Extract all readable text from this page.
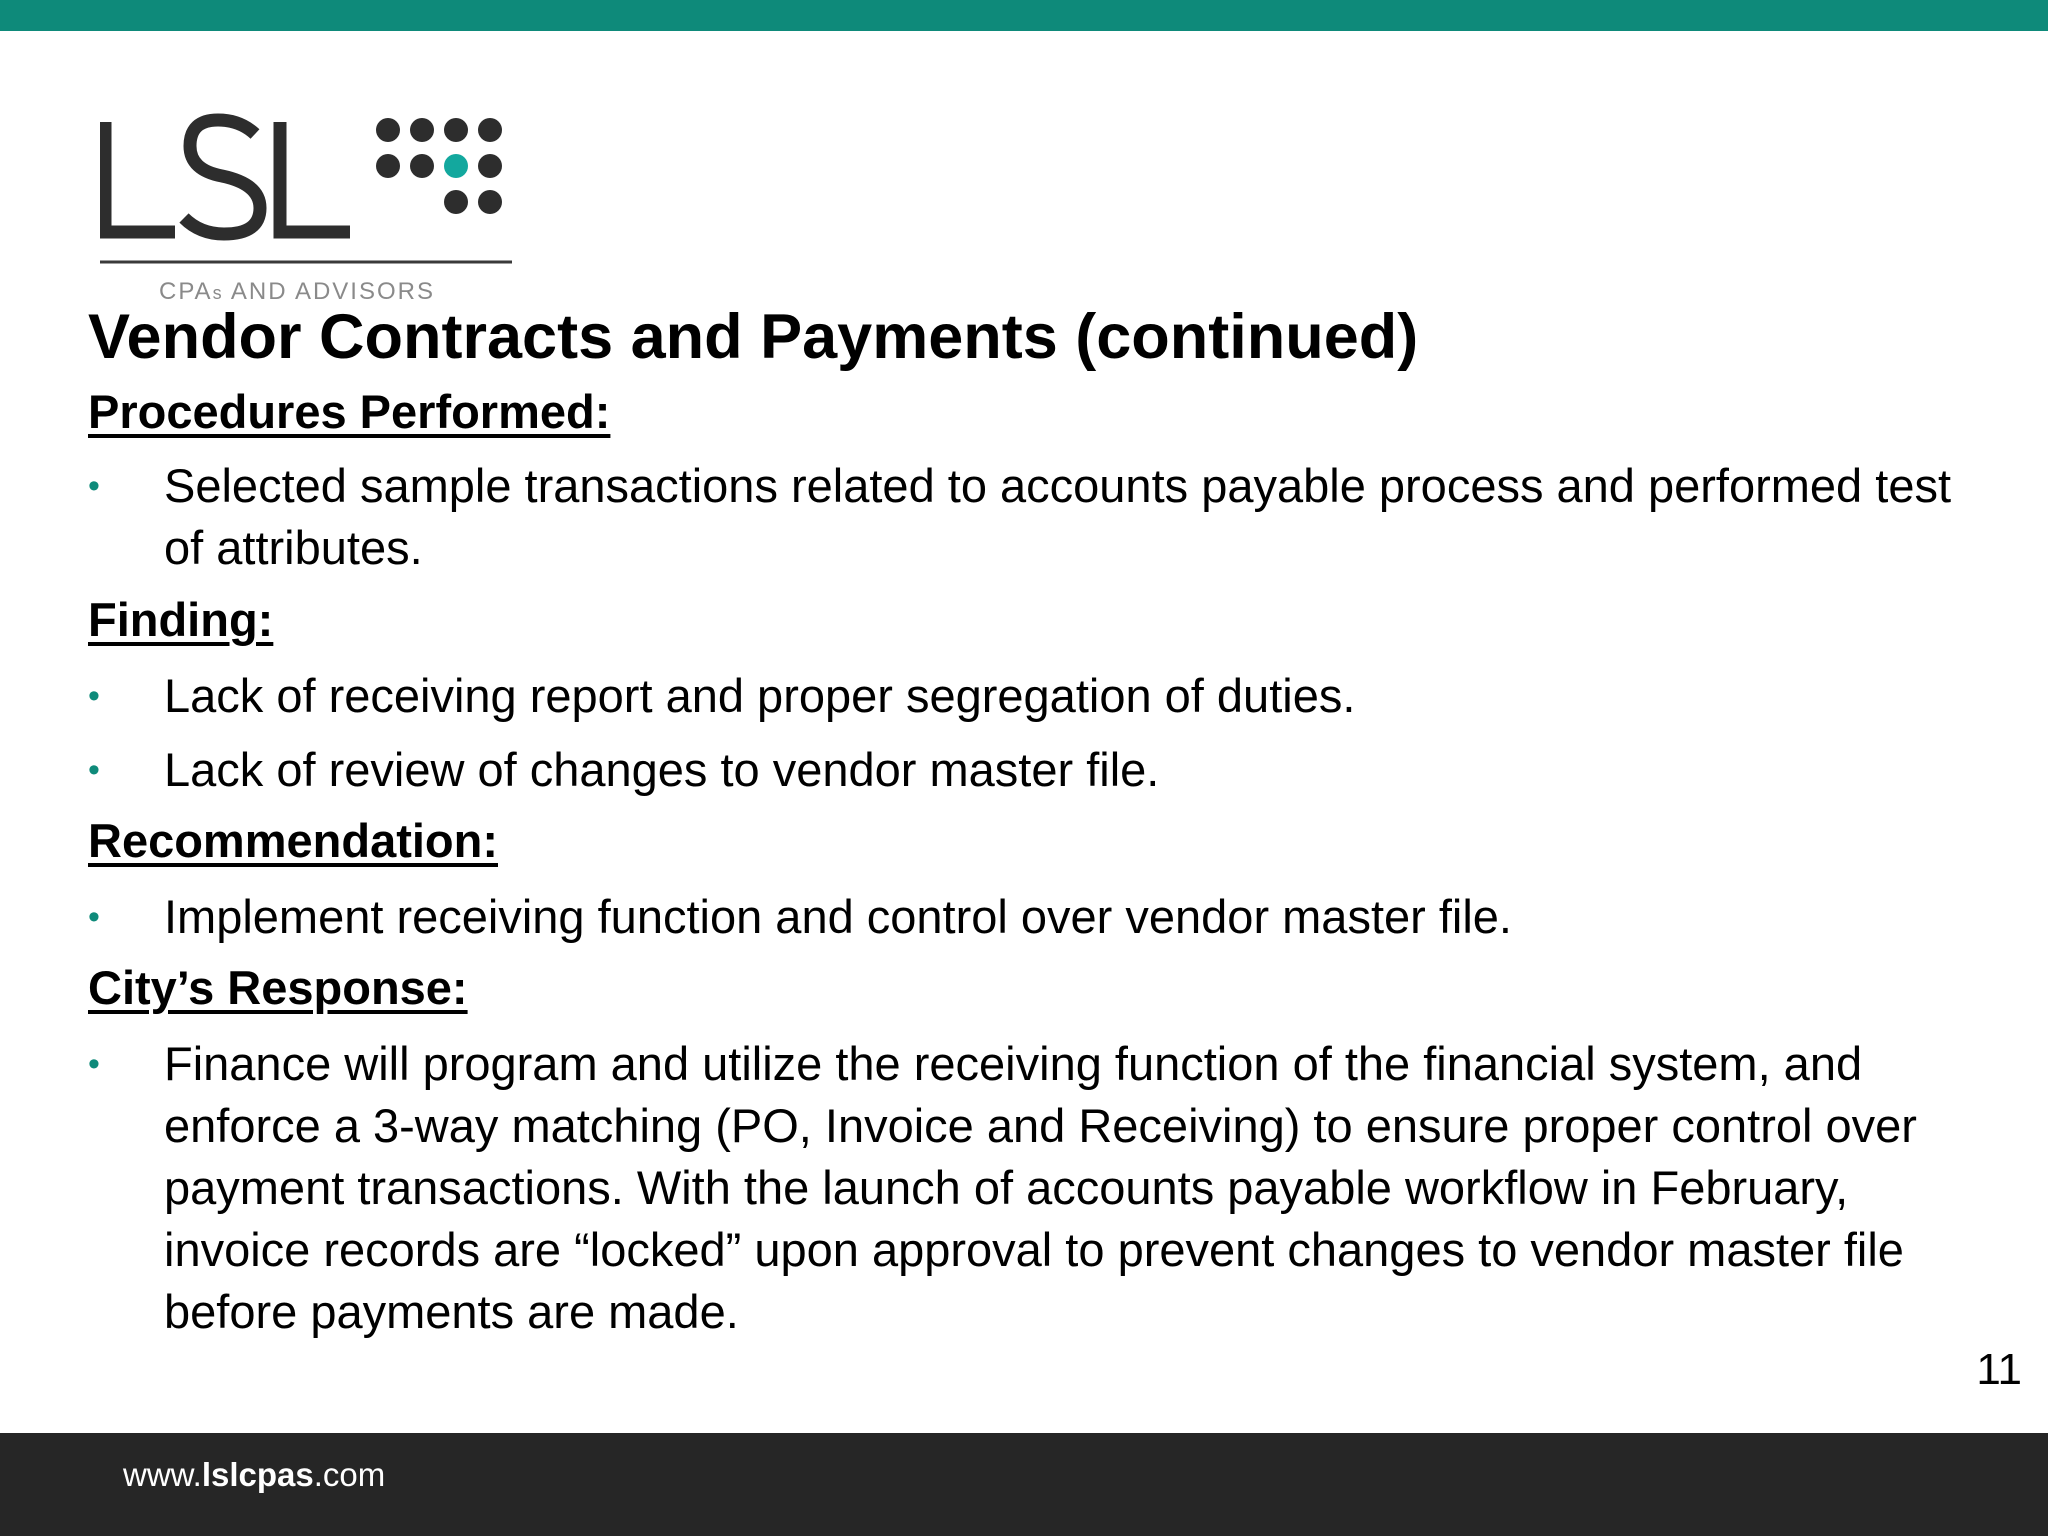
CPAs AND ADVISORS
Vendor Contracts and Payments (continued)
Procedures Performed:
•	Selected sample transactions related to accounts payable process and performed test of attributes.
Finding:
•	Lack of receiving report and proper segregation of duties.
•	Lack of review of changes to vendor master file.
Recommendation:
•	Implement receiving function and control over vendor master file.
City’s Response:
•	Finance will program and utilize the receiving function of the financial system, and enforce a 3-way matching (PO, Invoice and Receiving) to ensure proper control over payment transactions. With the launch of accounts payable workflow in February, invoice records are “locked” upon approval to prevent changes to vendor master file before payments are made.
11
www.lslcpas.com
